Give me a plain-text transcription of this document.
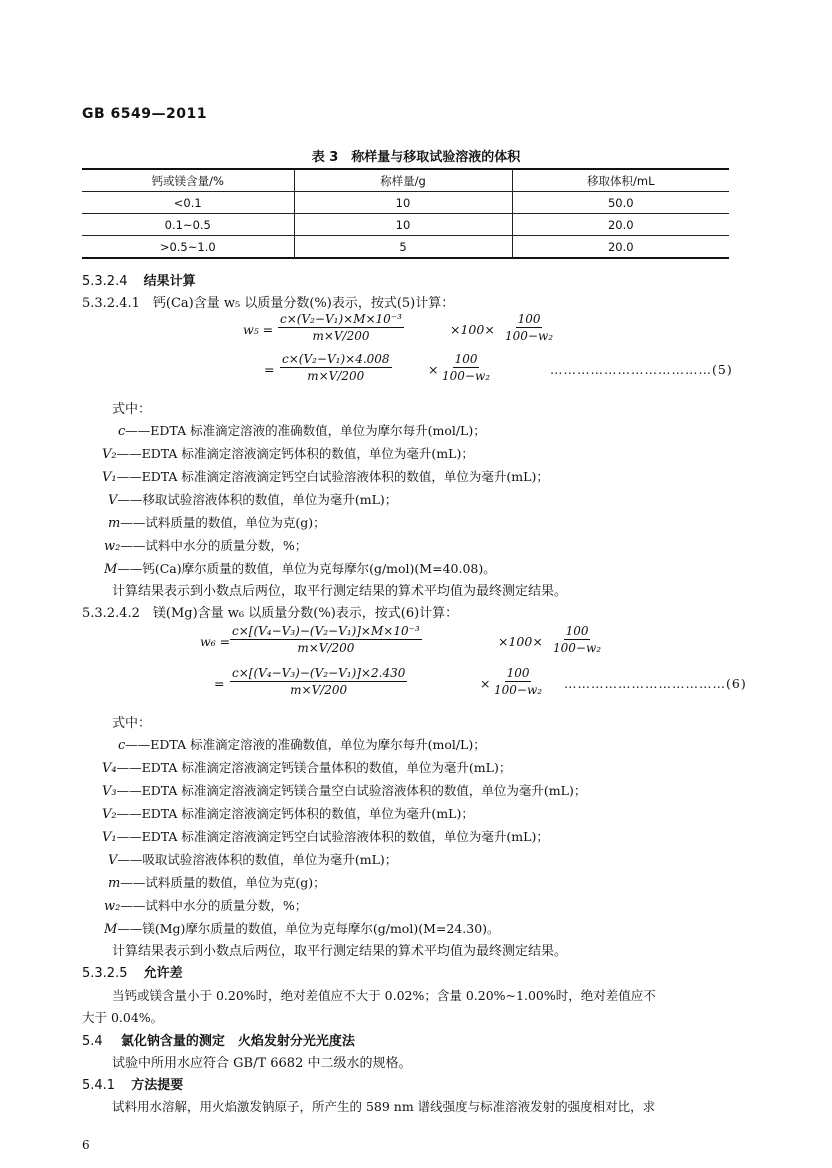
GB 6549—2011
表 3　称样量与移取试验溶液的体积
钙或镁含量/%	称样量/g	移取体积/mL
<0.1	10	50.0
0.1~0.5	10	20.0
>0.5~1.0	5	20.0
5.3.2.4 结果计算
5.3.2.4.1　钙(Ca)含量 w₅ 以质量分数(%)表示，按式(5)计算：
$w_5 = \frac{\text{c×(V₂−V₁)×M×10⁻³}}{m\times V/200}$	$\times 100\times \frac{100}{\text{100−w₂}}$
= $\frac{\text{c×(V₂−V₁)×4.008}}{m\times V/200}$	× $\frac{100}{\text{100−w₂}}$	………………………………(5)
式中：
c——EDTA 标准滴定溶液的准确数值，单位为摩尔每升(mol/L)；
V₂——EDTA 标准滴定溶液滴定钙体积的数值，单位为毫升(mL)；
V₁——EDTA 标准滴定溶液滴定钙空白试验溶液体积的数值，单位为毫升(mL)；
V——移取试验溶液体积的数值，单位为毫升(mL)；
m——试料质量的数值，单位为克(g)；
w₂——试料中水分的质量分数，%；
M——钙(Ca)摩尔质量的数值，单位为克每摩尔(g/mol)(M=40.08)。
计算结果表示到小数点后两位，取平行测定结果的算术平均值为最终测定结果。
5.3.2.4.2　镁(Mg)含量 w₆ 以质量分数(%)表示，按式(6)计算：
$w_6 = \frac{\text{c×[(V₄−V₃)−(V₂−V₁)]×M×10⁻³}}{m\times V/200}$	$\times 100\times \frac{100}{\text{100−w₂}}$
= $\frac{\text{c×[(V₄−V₃)−(V₂−V₁)]×2.430}}{m\times V/200}$	× $\frac{100}{\text{100−w₂}}$ ………………………………(6)
式中：
c——EDTA 标准滴定溶液的准确数值，单位为摩尔每升(mol/L)；
V₄——EDTA 标准滴定溶液滴定钙镁合量体积的数值，单位为毫升(mL)；
V₃——EDTA 标准滴定溶液滴定钙镁合量空白试验溶液体积的数值，单位为毫升(mL)；
V₂——EDTA 标准滴定溶液滴定钙体积的数值，单位为毫升(mL)；
V₁——EDTA 标准滴定溶液滴定钙空白试验溶液体积的数值，单位为毫升(mL)；
V——吸取试验溶液体积的数值，单位为毫升(mL)；
m——试料质量的数值，单位为克(g)；
w₂——试料中水分的质量分数，%；
M——镁(Mg)摩尔质量的数值，单位为克每摩尔(g/mol)(M=24.30)。
计算结果表示到小数点后两位，取平行测定结果的算术平均值为最终测定结果。
5.3.2.5 允许差
当钙或镁含量小于 0.20%时，绝对差值应不大于 0.02%；含量 0.20%~1.00%时，绝对差值应不
大于 0.04%。
5.4 氯化钠含量的测定　火焰发射分光光度法
试验中所用水应符合 GB/T 6682 中二级水的规格。
5.4.1 方法提要
试料用水溶解，用火焰激发钠原子，所产生的 589 nm 谱线强度与标准溶液发射的强度相对比，求
6
